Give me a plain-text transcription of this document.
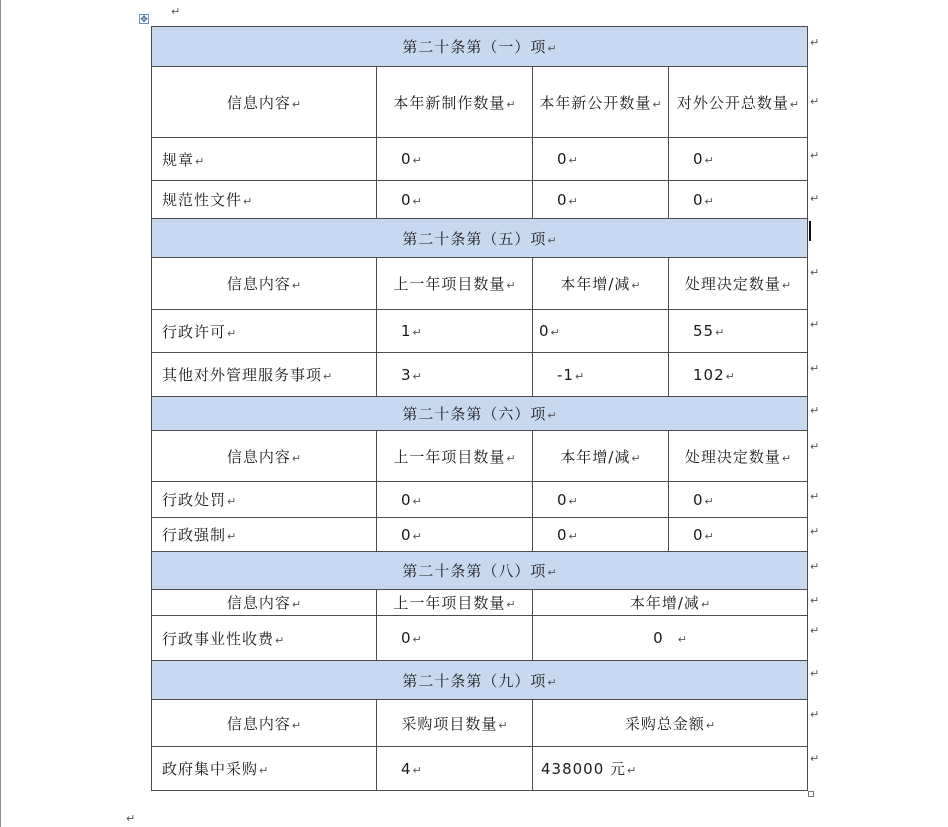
✥
↵
第二十条第（一）项↵			
信息内容↵	本年新制作数量↵	本年新公开数量↵	对外公开总数量↵
规章↵	0↵	0↵	0↵
规范性文件↵	0↵	0↵	0↵
第二十条第（五）项↵			
信息内容↵	上一年项目数量↵	本年增/减↵	处理决定数量↵
行政许可↵	1↵	0↵	55↵
其他对外管理服务事项↵	3↵	-1↵	102↵
第二十条第（六）项↵			
信息内容↵	上一年项目数量↵	本年增/减↵	处理决定数量↵
行政处罚↵	0↵	0↵	0↵
行政强制↵	0↵	0↵	0↵
第二十条第（八）项↵			
信息内容↵	上一年项目数量↵	本年增/减↵	
行政事业性收费↵	0↵	0 ↵	
第二十条第（九）项↵			
信息内容↵	采购项目数量↵	采购总金额↵	
政府集中采购↵	4↵	438000 元↵	
↵
↵
↵
↵
↵
↵
↵
↵
↵
↵
↵
↵
↵
↵
↵
↵
↵
↵
